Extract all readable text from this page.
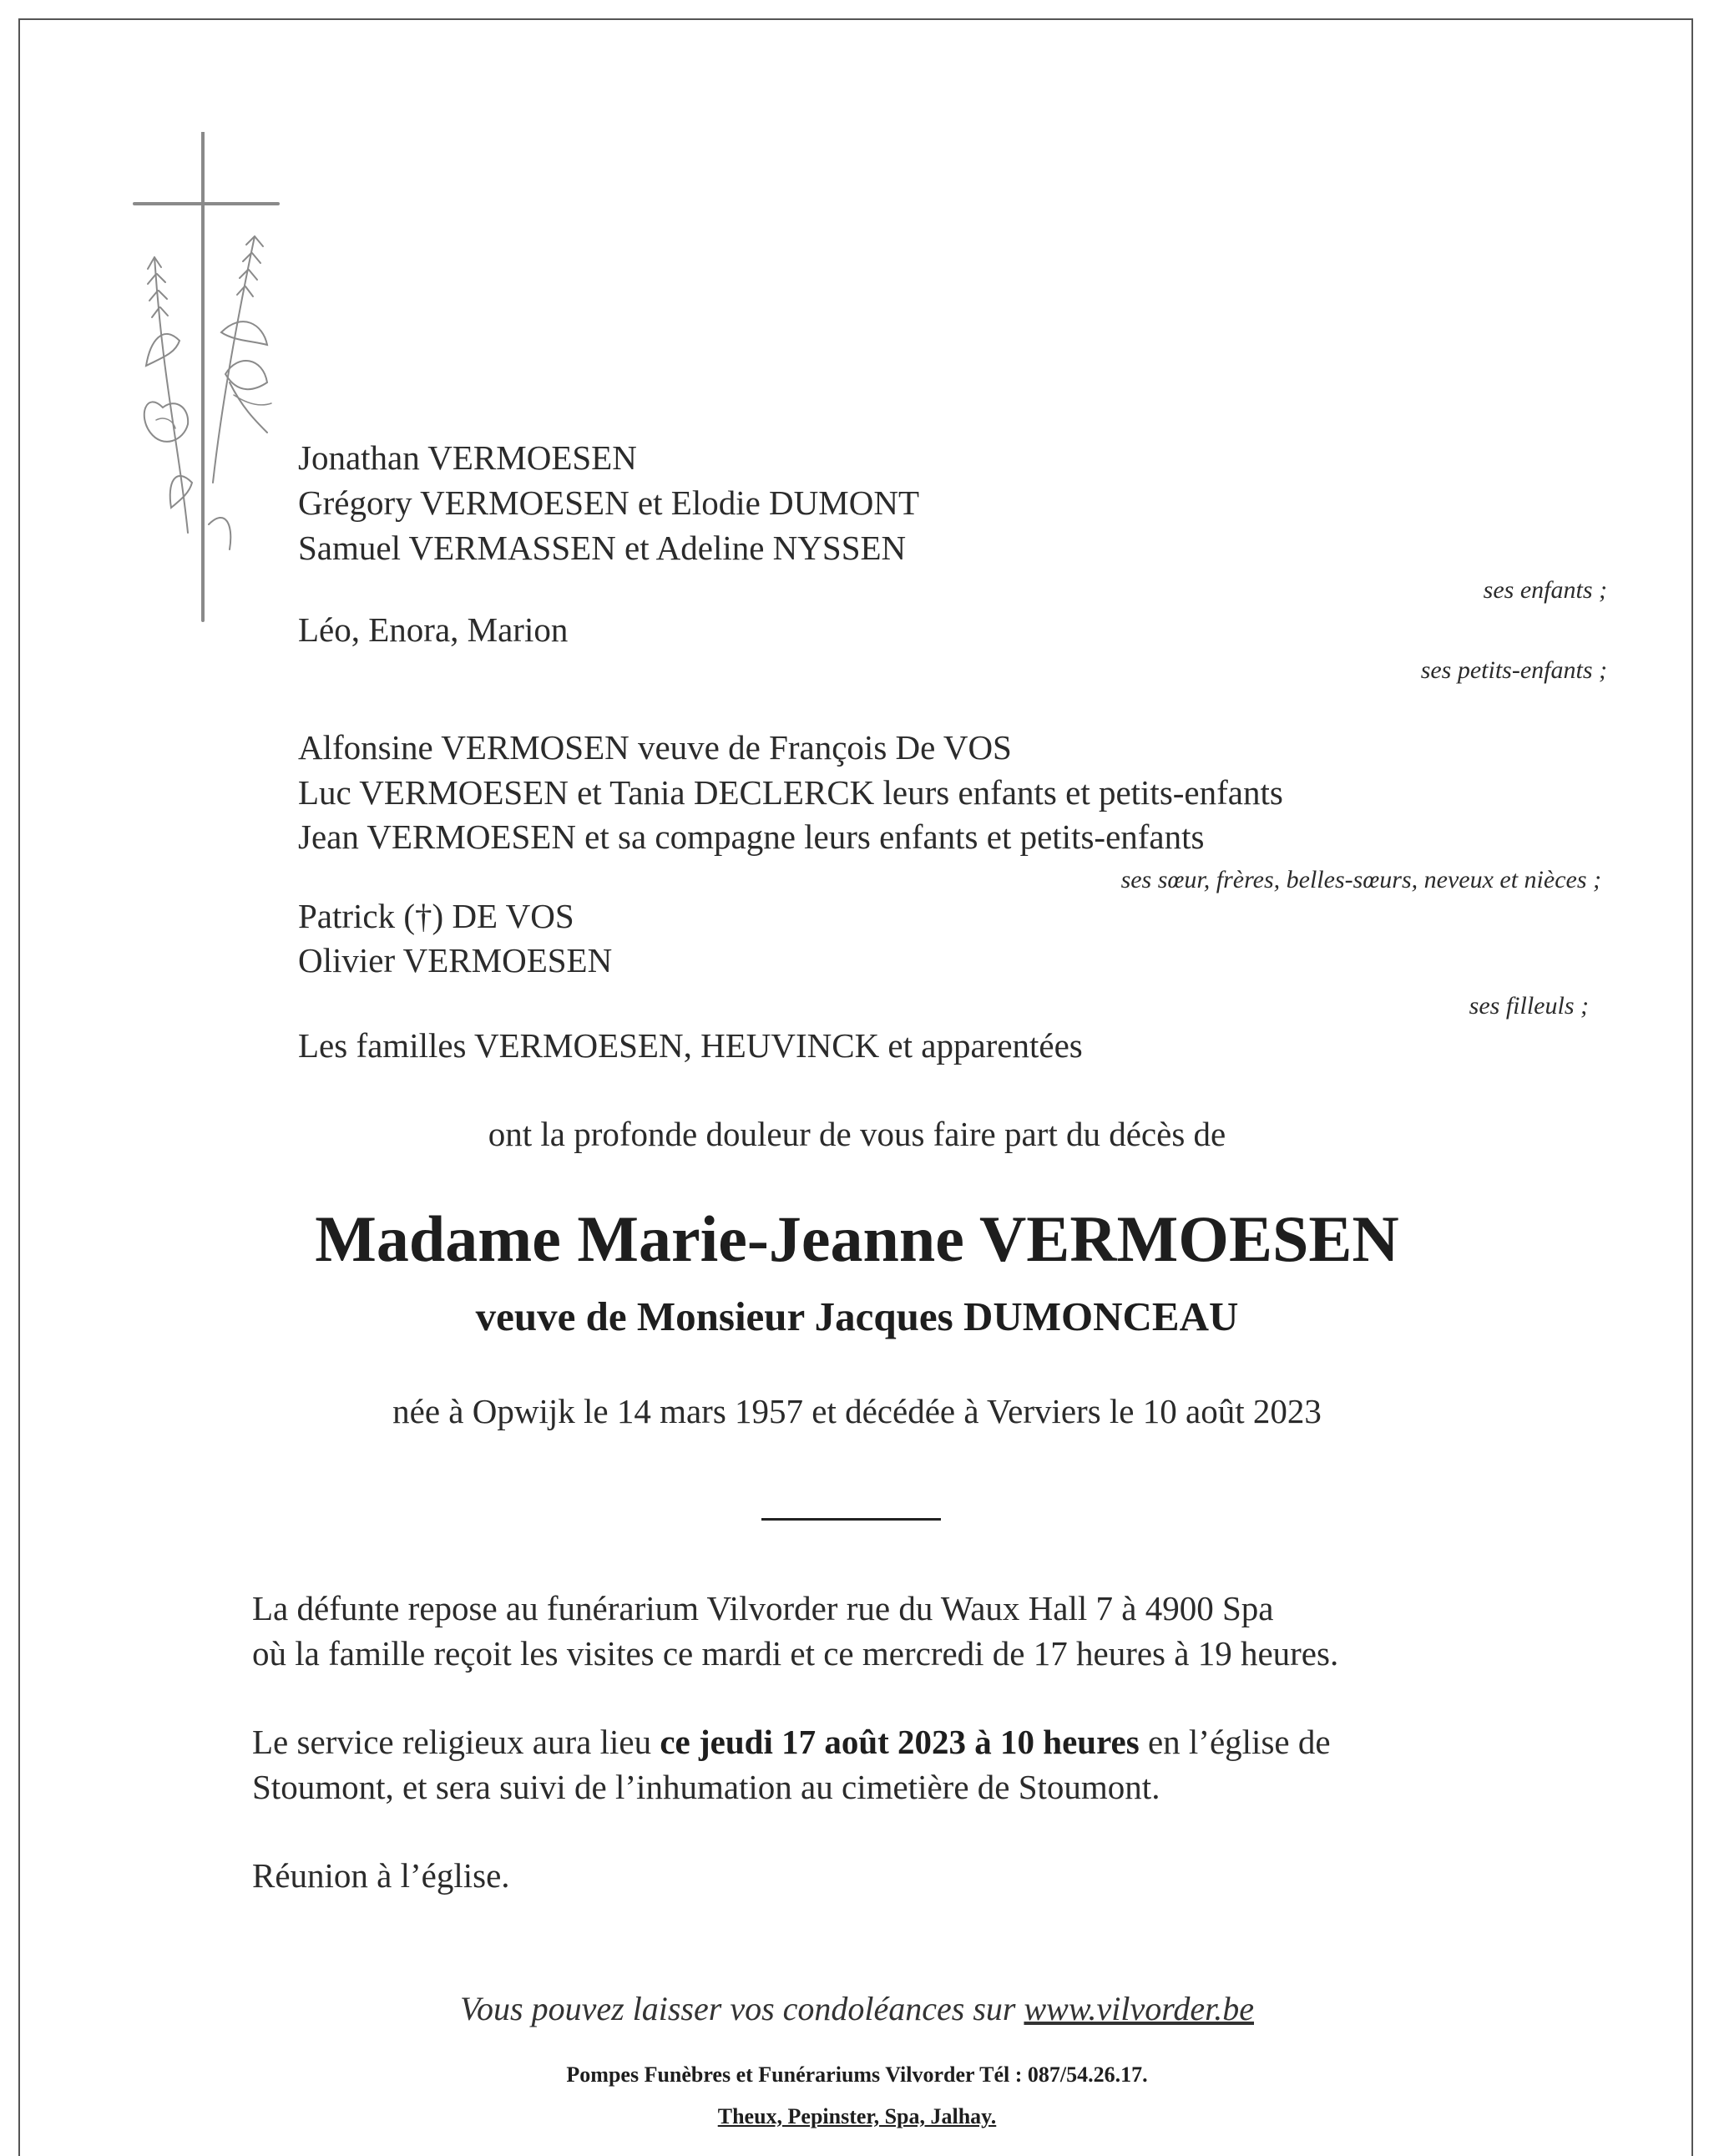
Jonathan VERMOESEN
Grégory VERMOESEN et Elodie DUMONT
Samuel VERMASSEN et Adeline NYSSEN
ses enfants ;
Léo, Enora, Marion
ses petits-enfants ;
Alfonsine VERMOSEN veuve de François De VOS
Luc VERMOESEN et Tania DECLERCK leurs enfants et petits-enfants
Jean VERMOESEN et sa compagne leurs enfants et petits-enfants
ses sœur, frères, belles-sœurs, neveux et nièces ;
Patrick (†) DE VOS
Olivier VERMOESEN
ses filleuls ;
Les familles VERMOESEN, HEUVINCK et apparentées
ont la profonde douleur de vous faire part du décès de
Madame Marie-Jeanne VERMOESEN
veuve de Monsieur Jacques DUMONCEAU
née à Opwijk le 14 mars 1957 et décédée à Verviers le 10 août 2023
La défunte repose au funérarium Vilvorder rue du Waux Hall 7 à 4900 Spa
où la famille reçoit les visites ce mardi et ce mercredi de 17 heures à 19 heures.
Le service religieux aura lieu ce jeudi 17 août 2023 à 10 heures en l’église de
Stoumont, et sera suivi de l’inhumation au cimetière de Stoumont.
Réunion à l’église.
Vous pouvez laisser vos condoléances sur www.vilvorder.be
Pompes Funèbres et Funérariums Vilvorder Tél : 087/54.26.17.
Theux, Pepinster, Spa, Jalhay.
